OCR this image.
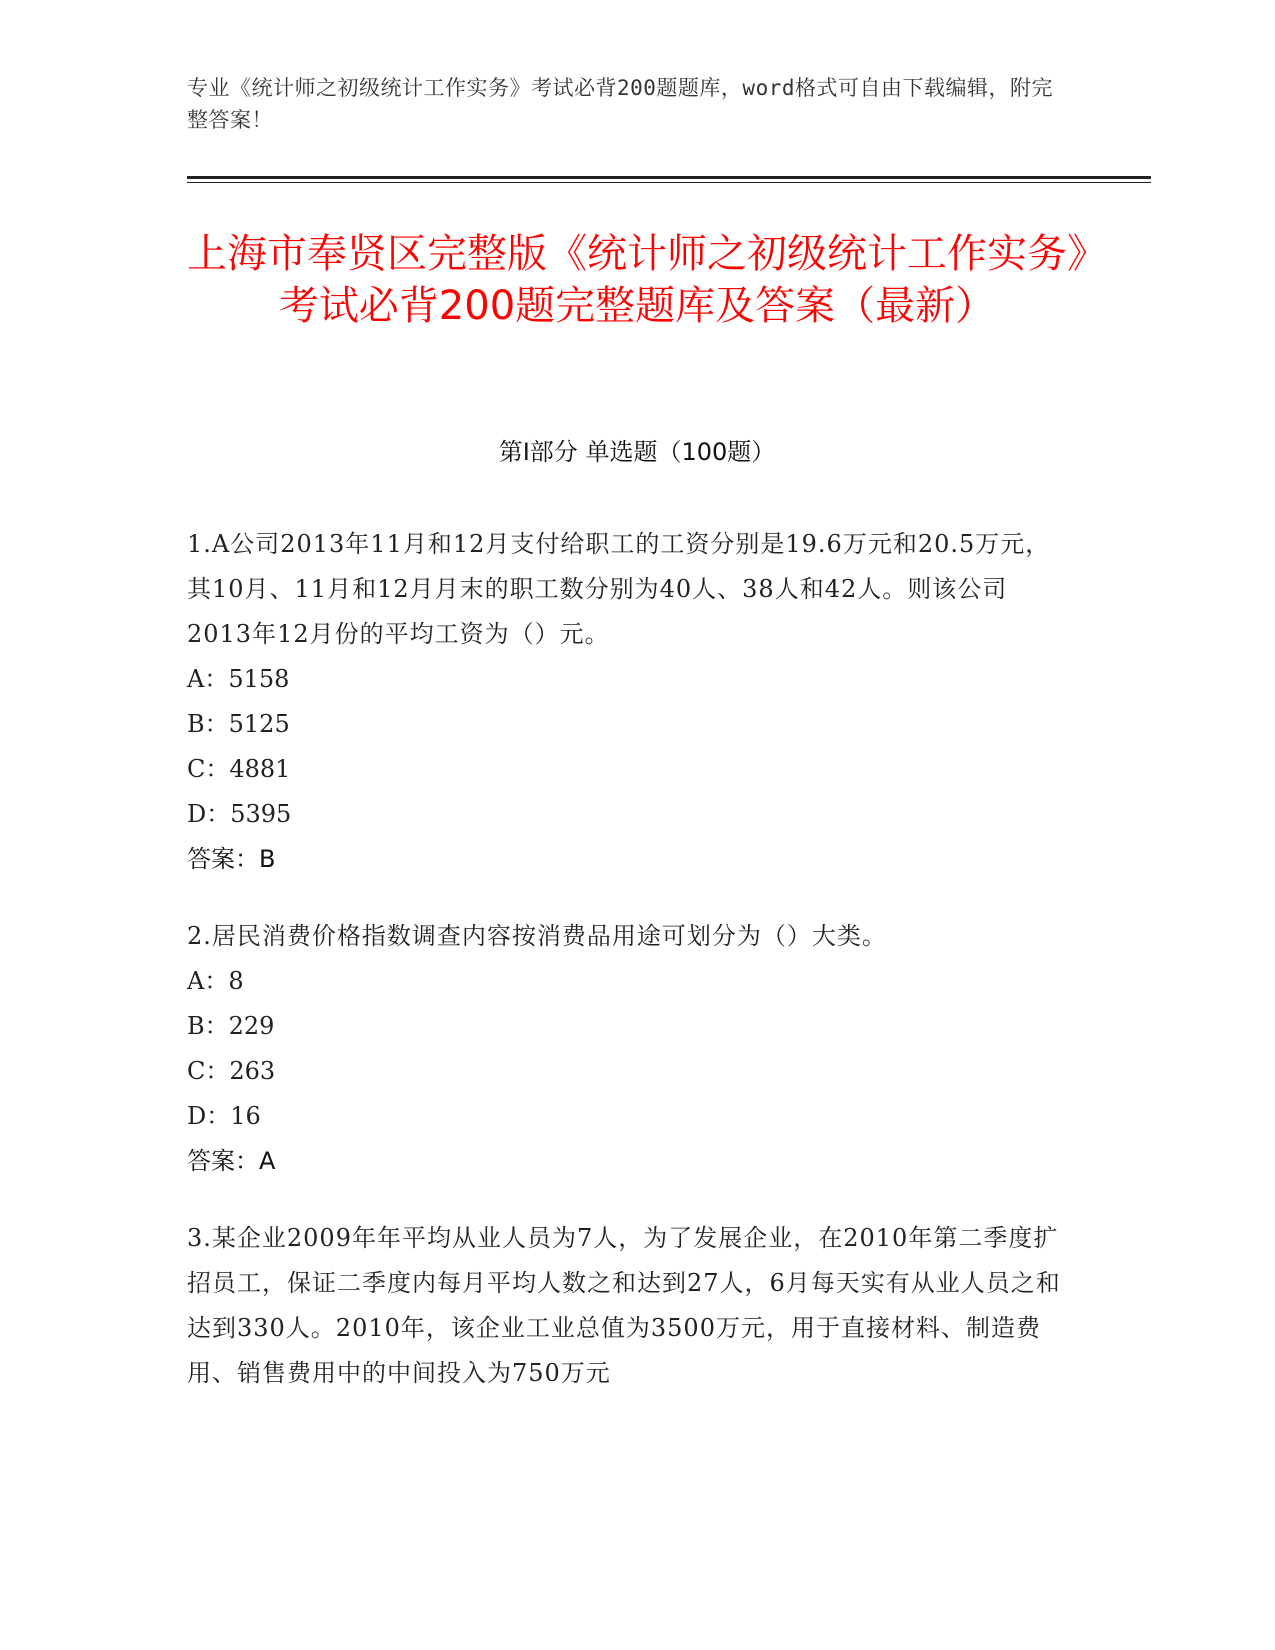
专业《统计师之初级统计工作实务》考试必背200题题库，word格式可自由下载编辑，附完整答案！
上海市奉贤区完整版《统计师之初级统计工作实务》考试必背200题完整题库及答案（最新）
第Ⅰ部分 单选题（100题）
1.A公司2013年11月和12月支付给职工的工资分别是19.6万元和20.5万元，其10月、11月和12月月末的职工数分别为40人、38人和42人。则该公司2013年12月份的平均工资为（）元。
A：5158
B：5125
C：4881
D：5395
答案：B
2.居民消费价格指数调查内容按消费品用途可划分为（）大类。
A：8
B：229
C：263
D：16
答案：A
3.某企业2009年年平均从业人员为7人，为了发展企业，在2010年第二季度扩招员工，保证二季度内每月平均人数之和达到27人，6月每天实有从业人员之和达到330人。2010年，该企业工业总值为3500万元，用于直接材料、制造费用、销售费用中的中间投入为750万元
